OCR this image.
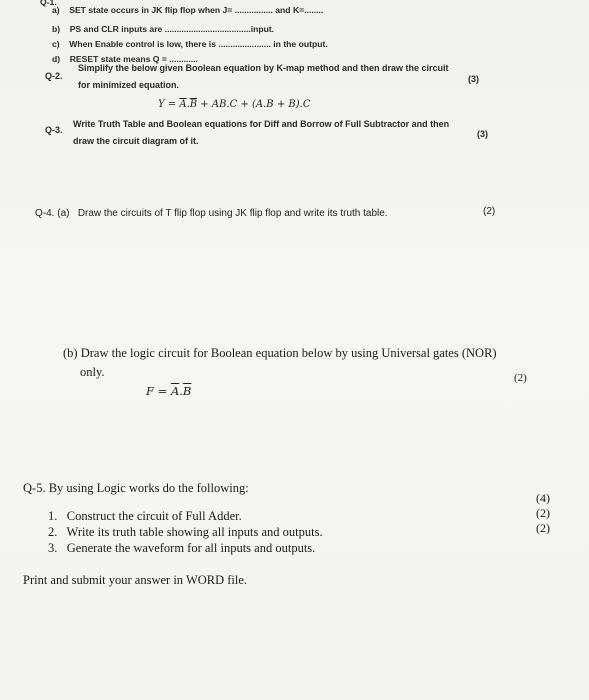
Q-1.
a) SET state occurs in JK flip flop when J= ................ and K=........
b) PS and CLR inputs are ....................................input.
c) When Enable control is low, there is ...................... in the output.
d) RESET state means Q = ............
Q-2.
Simplify the below given Boolean equation by K-map method and then draw the circuit
for minimized equation.
(3)
$Y = \overline{A}.\overline{B} + AB.C + (A.B + B).C$
Q-3.
Write Truth Table and Boolean equations for Diff and Borrow of Full Subtractor and then
draw the circuit diagram of it.
(3)
Q-4. (a) Draw the circuits of T flip flop using JK flip flop and write its truth table.	(2)
(b) Draw the logic circuit for Boolean equation below by using Universal gates (NOR)
only.	(2)
$F = \overline{A}.\overline{B}$
Q-5. By using Logic works do the following:
1. Construct the circuit of Full Adder.
2. Write its truth table showing all inputs and outputs.
3. Generate the waveform for all inputs and outputs.
(4)
(2)
(2)
Print and submit your answer in WORD file.
